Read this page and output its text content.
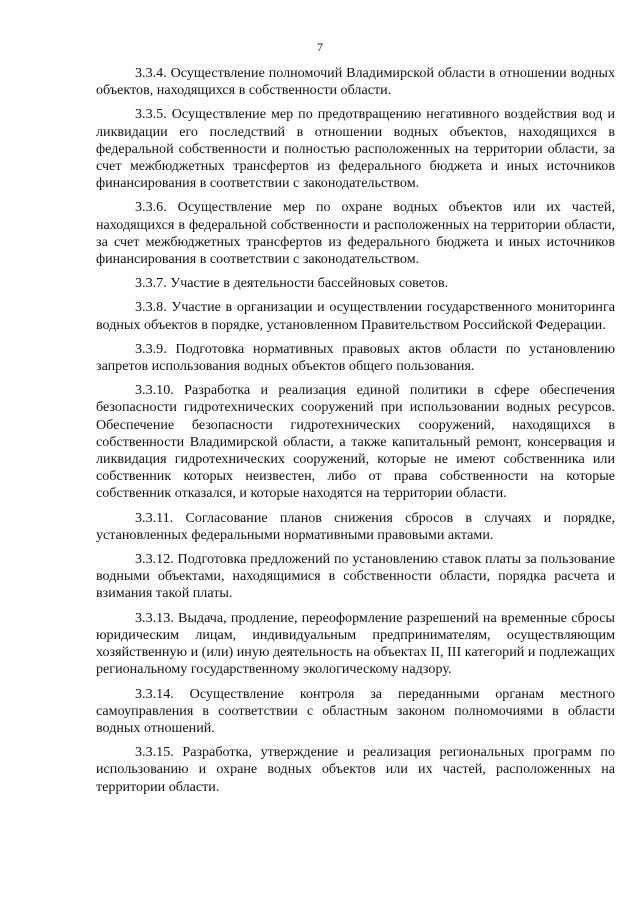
7

3.3.4. Осуществление полномочий Владимирской области в отношении водных объектов, находящихся в собственности области.

3.3.5. Осуществление мер по предотвращению негативного воздействия вод и ликвидации его последствий в отношении водных объектов, находящихся в федеральной собственности и полностью расположенных на территории области, за счет межбюджетных трансфертов из федерального бюджета и иных источников финансирования в соответствии с законодательством.

3.3.6. Осуществление мер по охране водных объектов или их частей, находящихся в федеральной собственности и расположенных на территории области, за счет межбюджетных трансфертов из федерального бюджета и иных источников финансирования в соответствии с законодательством.

3.3.7. Участие в деятельности бассейновых советов.

3.3.8. Участие в организации и осуществлении государственного мониторинга водных объектов в порядке, установленном Правительством Российской Федерации.

3.3.9. Подготовка нормативных правовых актов области по установлению запретов использования водных объектов общего пользования.

3.3.10. Разработка и реализация единой политики в сфере обеспечения безопасности гидротехнических сооружений при использовании водных ресурсов. Обеспечение безопасности гидротехнических сооружений, находящихся в собственности Владимирской области, а также капитальный ремонт, консервация и ликвидация гидротехнических сооружений, которые не имеют собственника или собственник которых неизвестен, либо от права собственности на которые собственник отказался, и которые находятся на территории области.

3.3.11. Согласование планов снижения сбросов в случаях и порядке, установленных федеральными нормативными правовыми актами.

3.3.12. Подготовка предложений по установлению ставок платы за пользование водными объектами, находящимися в собственности области, порядка расчета и взимания такой платы.

3.3.13. Выдача, продление, переоформление разрешений на временные сбросы юридическим лицам, индивидуальным предпринимателям, осуществляющим хозяйственную и (или) иную деятельность на объектах II, III категорий и подлежащих региональному государственному экологическому надзору.

3.3.14. Осуществление контроля за переданными органам местного самоуправления в соответствии с областным законом полномочиями в области водных отношений.

3.3.15. Разработка, утверждение и реализация региональных программ по использованию и охране водных объектов или их частей, расположенных на территории области.
